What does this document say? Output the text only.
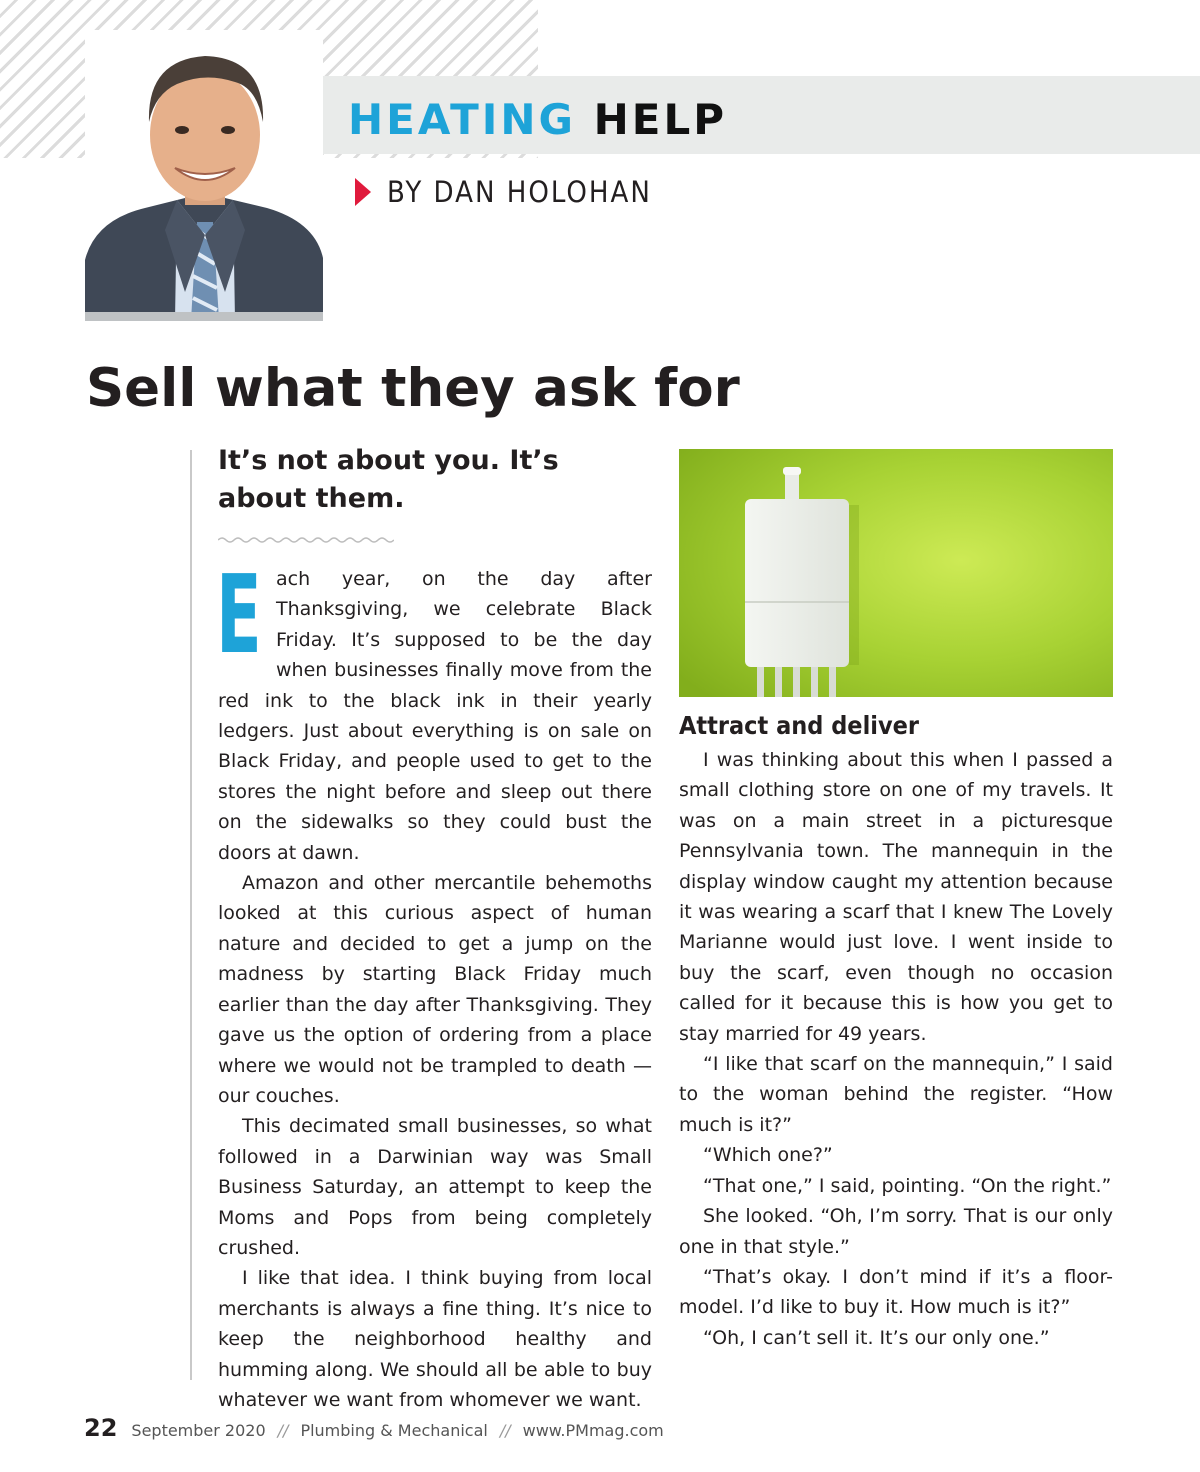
HEATING HELP
BY DAN HOLOHAN
Sell what they ask for
It’s not about you. It’s about them.

Each year, on the day after Thanksgiving, we celebrate Black Friday. It’s supposed to be the day when businesses finally move from the red ink to the black ink in their yearly ledgers. Just about everything is on sale on Black Friday, and people used to get to the stores the night before and sleep out there on the sidewalks so they could bust the doors at dawn.

Amazon and other mercantile behemoths looked at this curious aspect of human nature and decided to get a jump on the madness by starting Black Friday much earlier than the day after Thanksgiving. They gave us the option of ordering from a place where we would not be trampled to death — our couches.

This decimated small businesses, so what followed in a Darwinian way was Small Business Saturday, an attempt to keep the Moms and Pops from being completely crushed.

I like that idea. I think buying from local merchants is always a fine thing. It’s nice to keep the neighborhood healthy and humming along. We should all be able to buy whatever we want from whomever we want.

Attract and deliver

I was thinking about this when I passed a small clothing store on one of my travels. It was on a main street in a picturesque Pennsylvania town. The mannequin in the display window caught my attention because it was wearing a scarf that I knew The Lovely Marianne would just love. I went inside to buy the scarf, even though no occasion called for it because this is how you get to stay married for 49 years.

“I like that scarf on the mannequin,” I said to the woman behind the register. “How much is it?”

“Which one?”

“That one,” I said, pointing. “On the right.”

She looked. “Oh, I’m sorry. That is our only one in that style.”

“That’s okay. I don’t mind if it’s a floor-model. I’d like to buy it. How much is it?”

“Oh, I can’t sell it. It’s our only one.”

22 September 2020 // Plumbing & Mechanical // www.PMmag.com
